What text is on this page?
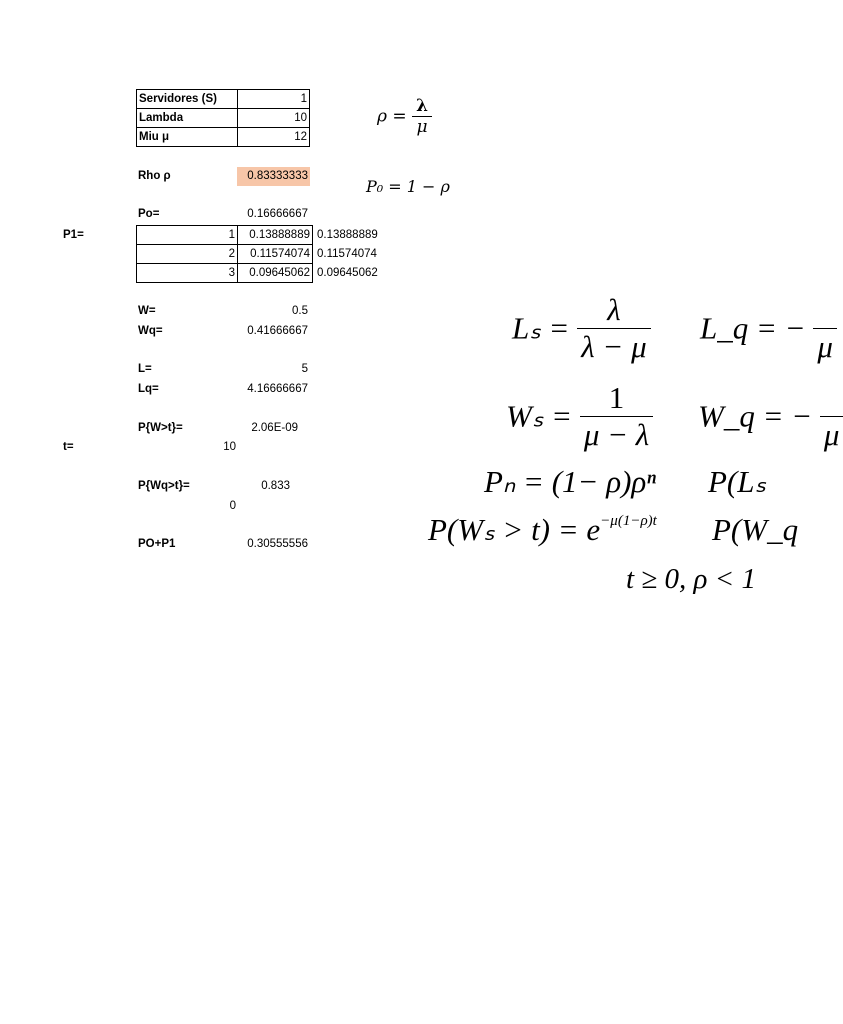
Servidores (S)	1
Lambda	10
Miu μ	12
Rho ρ	0.83333333
Po=	0.16666667
P1=	1	0.13888889	0.13888889
2	0.11574074	0.11574074
3	0.09645062	0.09645062
W=	0.5
Wq=	0.41666667
L=	5
Lq=	4.16666667
P{W>t}=	2.06E-09
t=	10
P{Wq>t}=	0.833
0
PO+P1	0.30555556
$\rho = \frac{\lambda}{\mu}$
P₀ = 1 − ρ
$L_s = \frac{\lambda}{\lambda - \mu}$ L_q = −

μ
$W_s = \frac{1}{\mu - \lambda}$ W_q = −

μ
Pₙ = (1− ρ)ρⁿ P(Lₛ
$P(W_s > t) = e^{-\mu(1-\rho)t}$ P(W_q
t ≥ 0, ρ < 1
